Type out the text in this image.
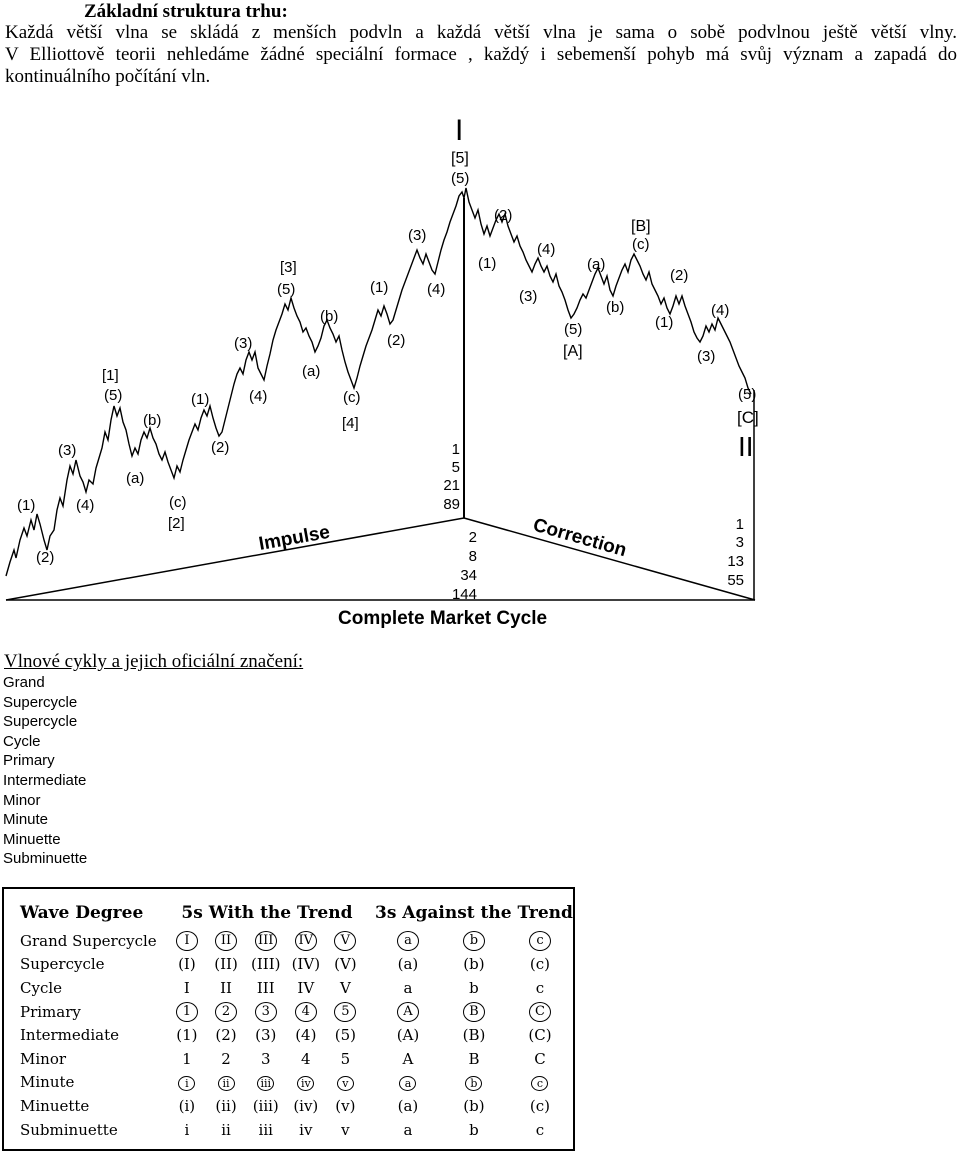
Základní struktura trhu:
Každá větší vlna se skládá z menších podvln a každá větší vlna je sama o sobě podvlnou ještě větší vlny.
V Elliottově teorii nehledáme žádné speciální formace , každý i sebemenší pohyb má svůj význam a zapadá do
kontinuálního počítání vln.
(1)
(2)
(3)
(4)
[1]
(5)
(a)
(b)
(c)
[2]
(1)
(2)
(3)
(4)
[3]
(5)
(a)
(b)
(c)
[4]
(1)
(2)
(3)
(4)
I
[5]
(5)
(1)
(2)
(3)
(4)
(5)
[A]
(a)
(b)
[B]
(c)
(1)
(2)
(3)
(4)
(5)
[C]
II
1
5
21
89
2
8
34
144
1
3
13
55
Impulse	Correction
Complete Market Cycle
Vlnové cykly a jejich oficiální značení:
Grand
Supercycle
Supercycle
Cycle
Primary
Intermediate
Minor
Minute
Minuette
Subminuette
Wave Degree	5s With the Trend						3s Against the Trend		
Grand Supercycle	I	II	III	IV	V		a	b	c
Supercycle	(I)	(II)	(III)	(IV)	(V)		(a)	(b)	(c)
Cycle	I	II	III	IV	V		a	b	c
Primary	1	2	3	4	5		A	B	C
Intermediate	(1)	(2)	(3)	(4)	(5)		(A)	(B)	(C)
Minor	1	2	3	4	5		A	B	C
Minute	i	ii	iii	iv	v		a	b	c
Minuette	(i)	(ii)	(iii)	(iv)	(v)		(a)	(b)	(c)
Subminuette	i	ii	iii	iv	v		a	b	c
